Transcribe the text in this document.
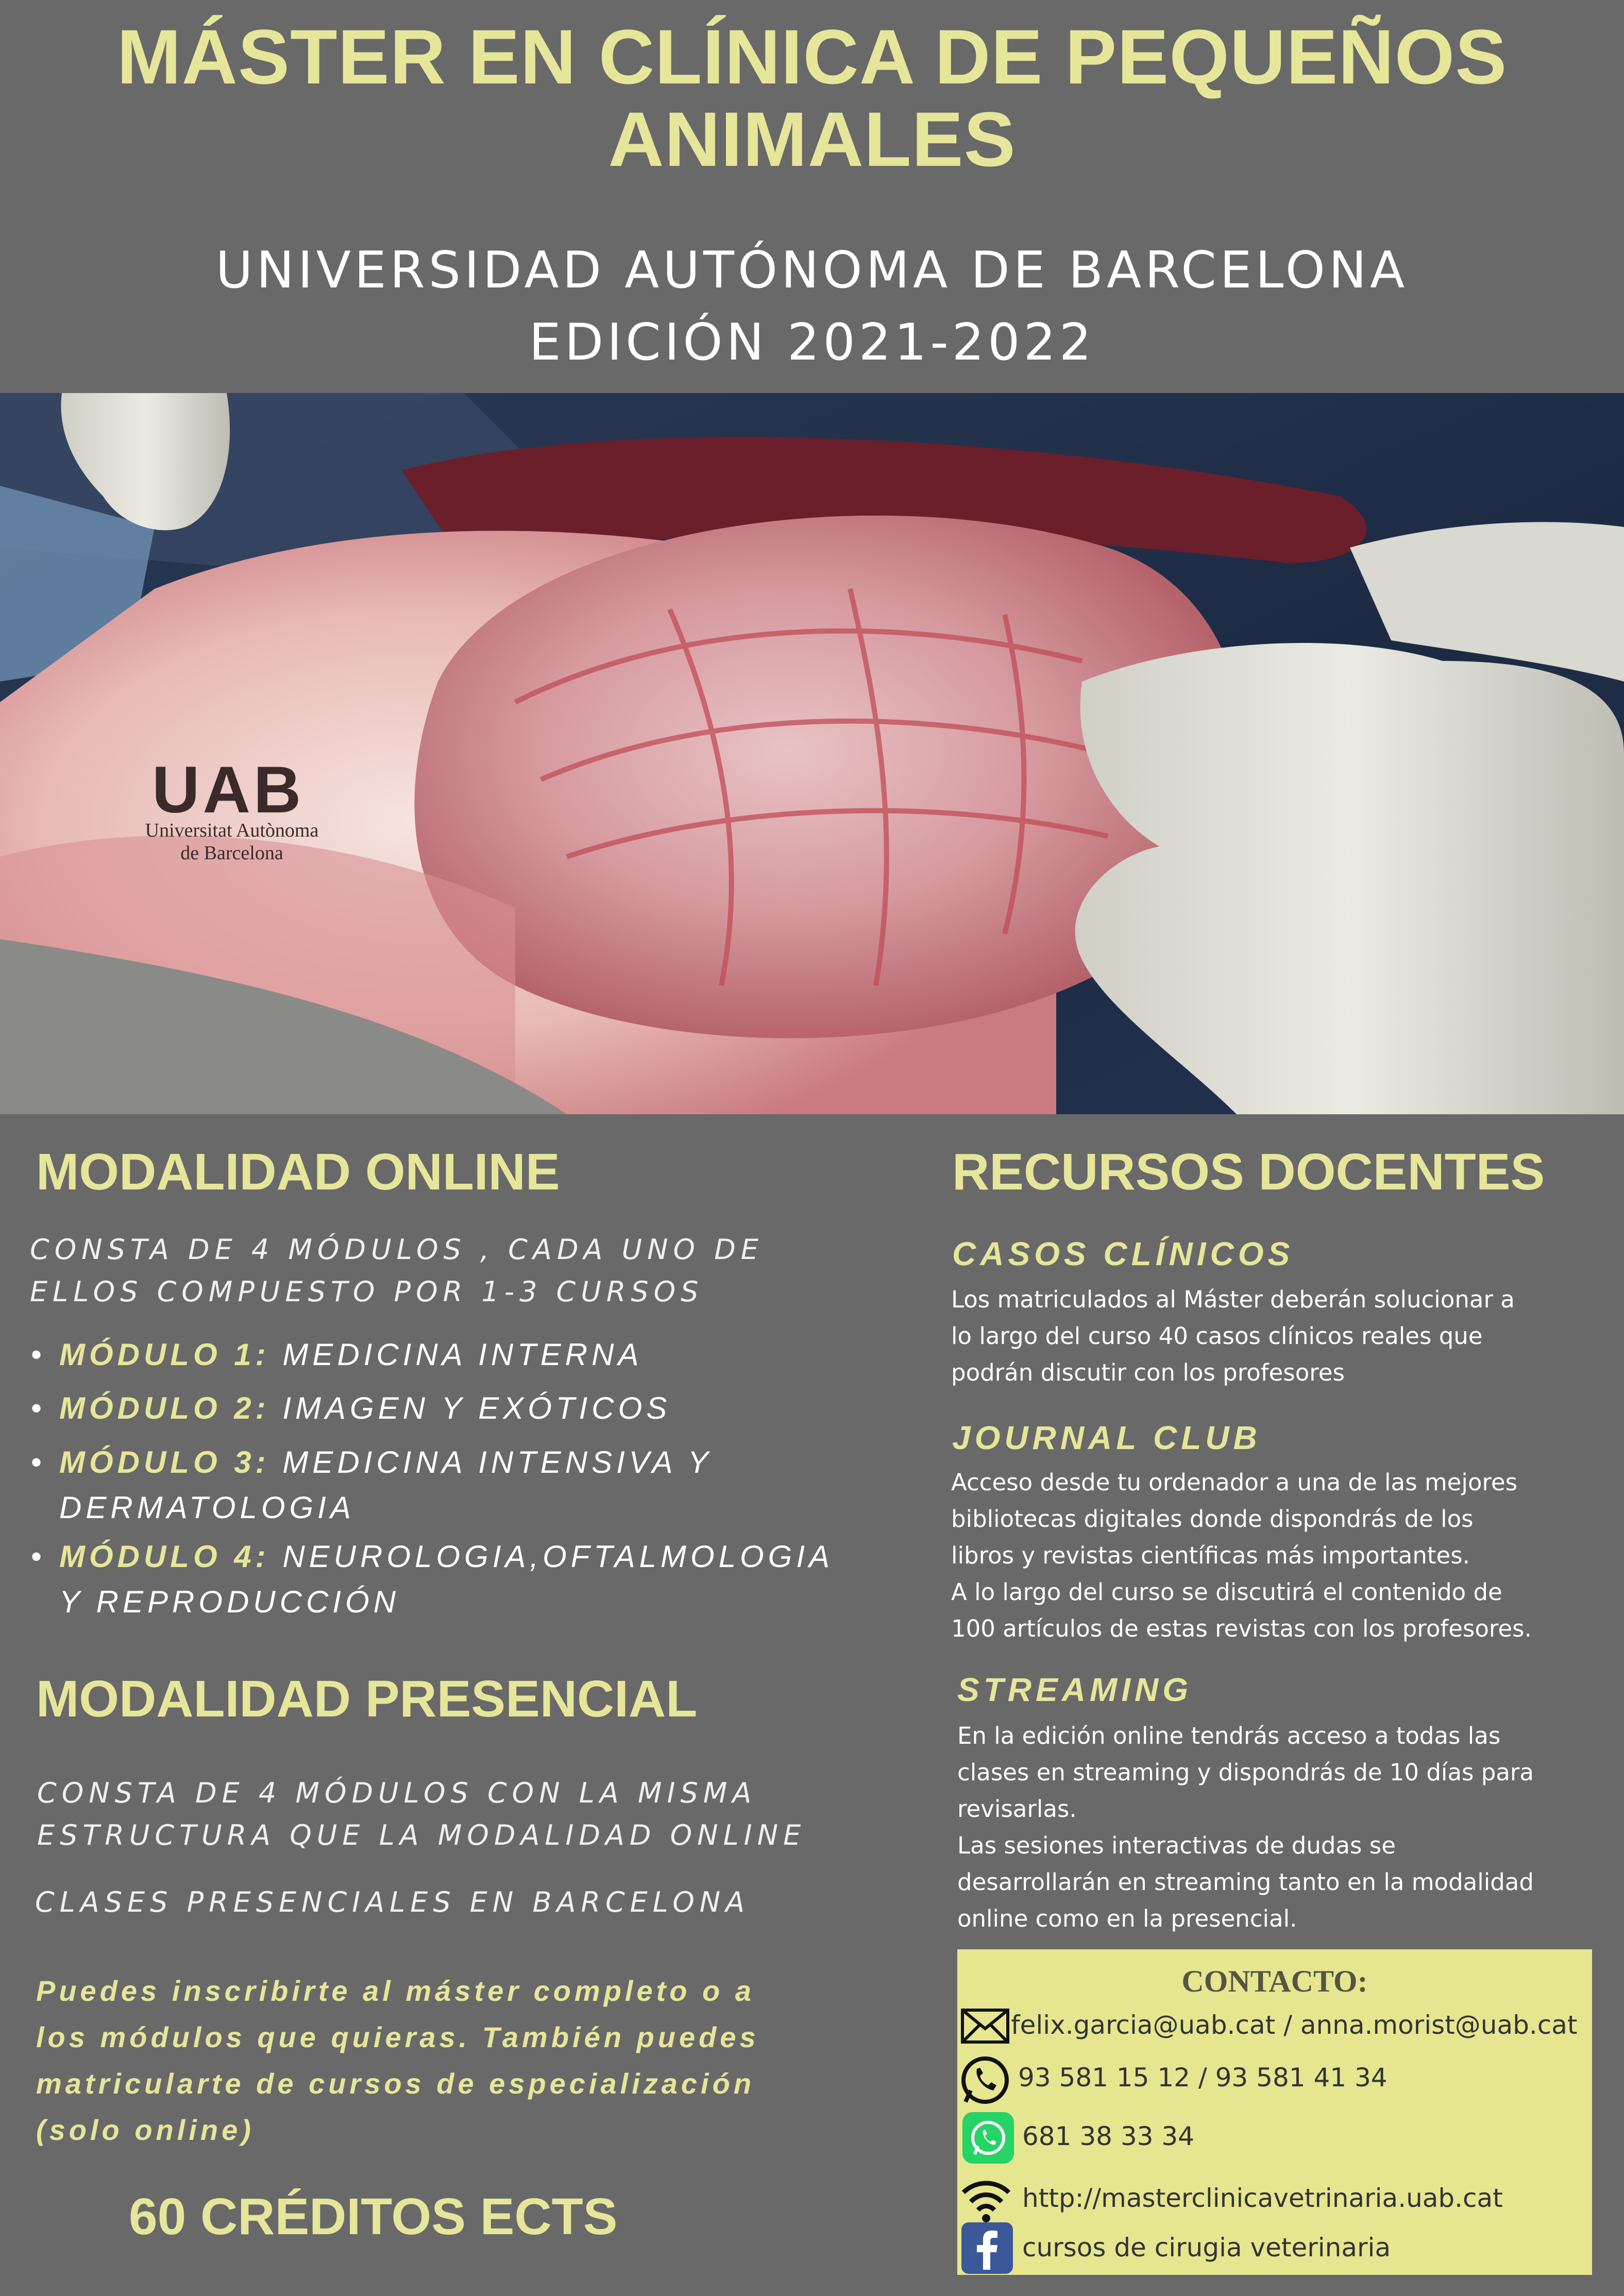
MÁSTER EN CLÍNICA DE PEQUEÑOS
ANIMALES
UNIVERSIDAD AUTÓNOMA DE BARCELONA
EDICIÓN 2021-2022
UAB
Universitat Autònoma
de Barcelona
MODALIDAD ONLINE
CONSTA DE 4 MÓDULOS , CADA UNO DE
ELLOS COMPUESTO POR 1-3 CURSOS
• MÓDULO 1: MEDICINA INTERNA
• MÓDULO 2: IMAGEN Y EXÓTICOS
• MÓDULO 3: MEDICINA INTENSIVA Y
DERMATOLOGIA
• MÓDULO 4: NEUROLOGIA,OFTALMOLOGIA
Y REPRODUCCIÓN
MODALIDAD PRESENCIAL
CONSTA DE 4 MÓDULOS CON LA MISMA
ESTRUCTURA QUE LA MODALIDAD ONLINE
CLASES PRESENCIALES EN BARCELONA
Puedes inscribirte al máster completo o a
los módulos que quieras. También puedes
matricularte de cursos de especialización
(solo online)
60 CRÉDITOS ECTS
RECURSOS DOCENTES
CASOS CLÍNICOS
Los matriculados al Máster deberán solucionar a
lo largo del curso 40 casos clínicos reales que
podrán discutir con los profesores
JOURNAL CLUB
Acceso desde tu ordenador a una de las mejores
bibliotecas digitales donde dispondrás de los
libros y revistas científicas más importantes.
A lo largo del curso se discutirá el contenido de
100 artículos de estas revistas con los profesores.
STREAMING
En la edición online tendrás acceso a todas las
clases en streaming y dispondrás de 10 días para
revisarlas.
Las sesiones interactivas de dudas se
desarrollarán en streaming tanto en la modalidad
online como en la presencial.
CONTACTO:
felix.garcia@uab.cat / anna.morist@uab.cat
93 581 15 12 / 93 581 41 34
681 38 33 34
http://masterclinicavetrinaria.uab.cat
cursos de cirugia veterinaria
